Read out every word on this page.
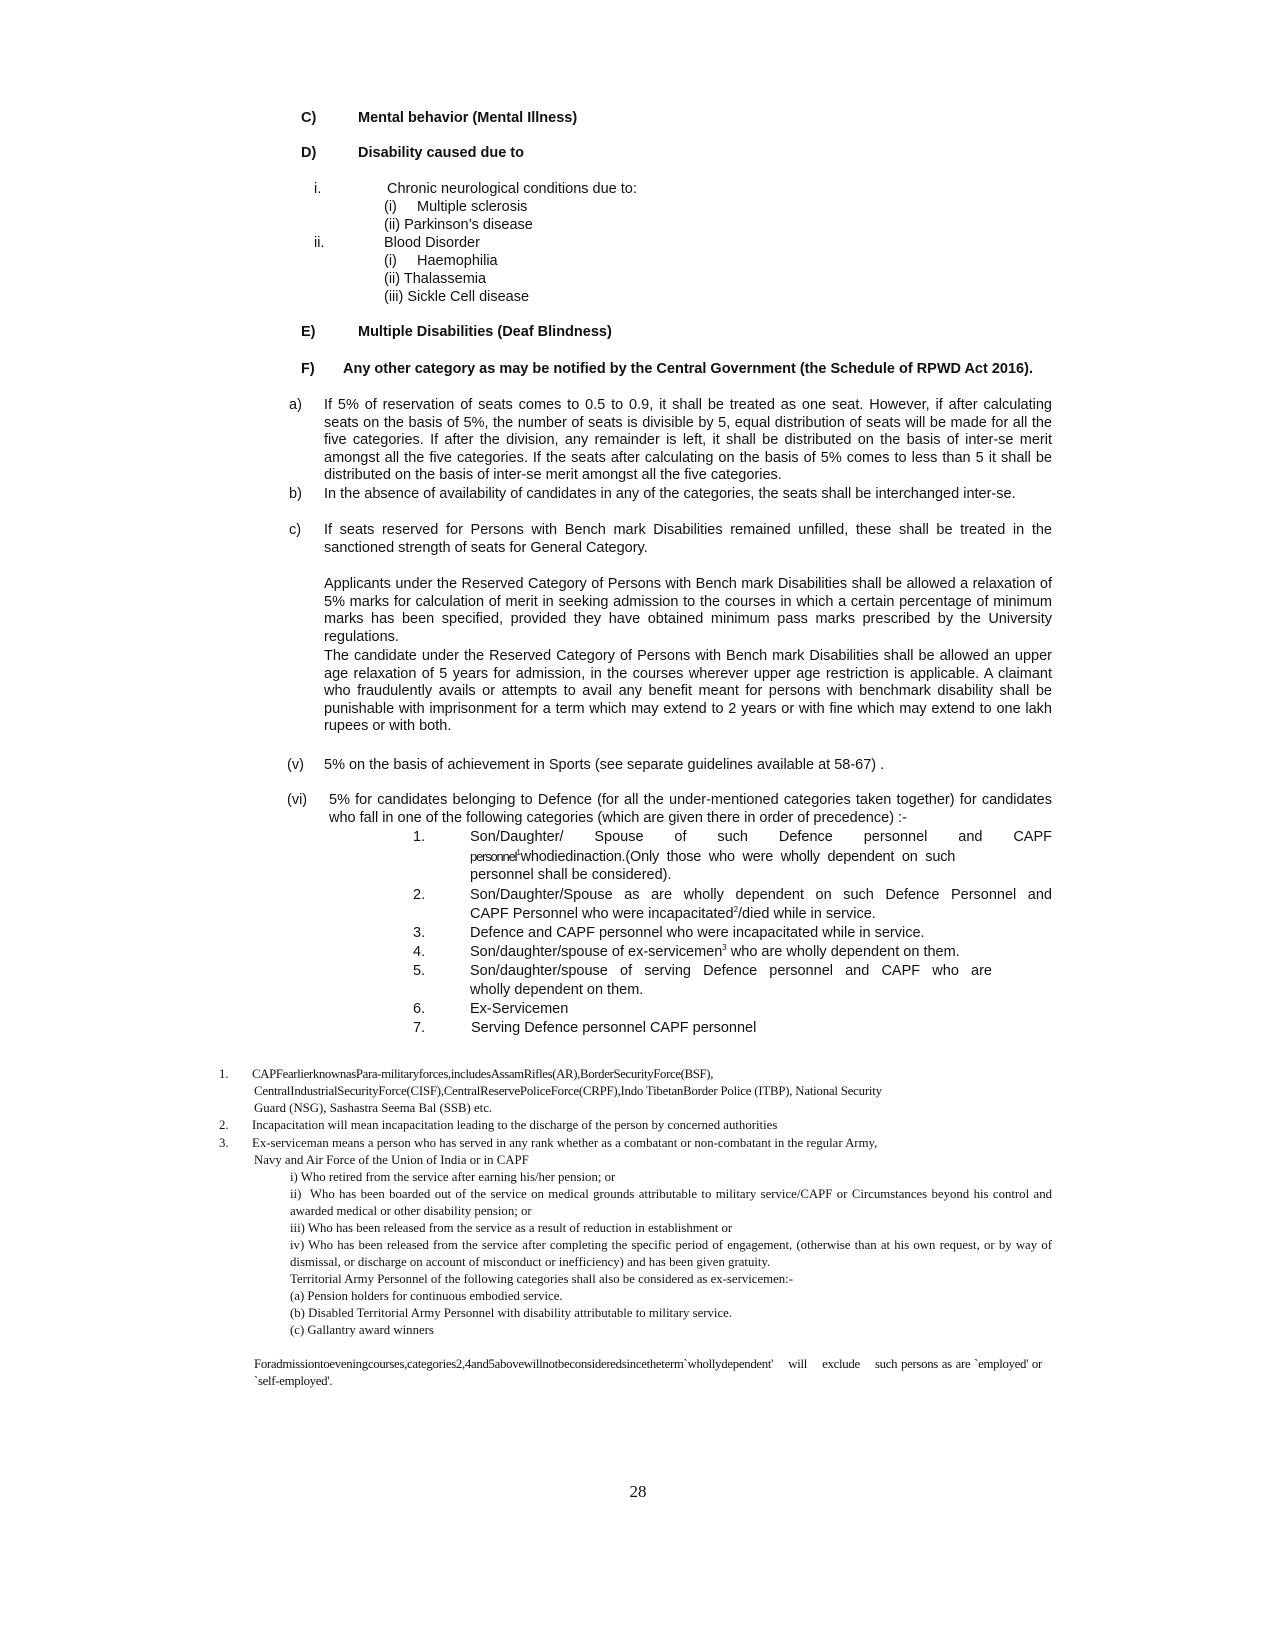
C)	Mental behavior (Mental Illness)
D)	Disability caused due to
i.	Chronic neurological conditions due to:
(i)     Multiple sclerosis
(ii) Parkinson’s disease
ii.	Blood Disorder
(i)     Haemophilia
(ii) Thalassemia
(iii) Sickle Cell disease
E)	Multiple Disabilities (Deaf Blindness)
F) Any other category as may be notified by the Central Government (the Schedule of RPWD Act 2016).
a) If 5% of reservation of seats comes to 0.5 to 0.9, it shall be treated as one seat. However, if after calculating seats on the basis of 5%, the number of seats is divisible by 5, equal distribution of seats will be made for all the five categories. If after the division, any remainder is left, it shall be distributed on the basis of inter-se merit amongst all the five categories. If the seats after calculating on the basis of 5% comes to less than 5 it shall be distributed on the basis of inter-se merit amongst all the five categories.
b) In the absence of availability of candidates in any of the categories, the seats shall be interchanged inter-se.
c) If seats reserved for Persons with Bench mark Disabilities remained unfilled, these shall be treated in the sanctioned strength of seats for General Category.
Applicants under the Reserved Category of Persons with Bench mark Disabilities shall be allowed a relaxation of 5% marks for calculation of merit in seeking admission to the courses in which a certain percentage of minimum marks has been specified, provided they have obtained minimum pass marks prescribed by the University regulations.
The candidate under the Reserved Category of Persons with Bench mark Disabilities shall be allowed an upper age relaxation of 5 years for admission, in the courses wherever upper age restriction is applicable. A claimant who fraudulently avails or attempts to avail any benefit meant for persons with benchmark disability shall be punishable with imprisonment for a term which may extend to 2 years or with fine which may extend to one lakh rupees or with both.
(v) 5% on the basis of achievement in Sports (see separate guidelines available at 58-67) .
(vi) 5% for candidates belonging to Defence (for all the under-mentioned categories taken together) for candidates who fall in one of the following categories (which are given there in order of precedence) :-
1.	Son/Daughter/    Spouse    of    such    Defence    personnel    and    CAPF
personnel$^1$whodiedinaction.(Only  those  who  were  wholly  dependent  on  such
personnel shall be considered).
2.	Son/Daughter/Spouse as are wholly dependent on such Defence Personnel and
CAPF Personnel who were incapacitated$^2$/died while in service.
3.	Defence and CAPF personnel who were incapacitated while in service.
4.	Son/daughter/spouse of ex-servicemen$^3$ who are wholly dependent on them.
5.	Son/daughter/spouse of serving Defence personnel and CAPF who are
wholly dependent on them.
6.	Ex-Servicemen
7.	Serving Defence personnel CAPF personnel
1. CAPFearlierknownasPara-militaryforces,includesAssamRifles(AR),BorderSecurityForce(BSF),
CentralIndustrialSecurityForce(CISF),CentralReservePoliceForce(CRPF),Indo TibetanBorder Police (ITBP), National Security
Guard (NSG), Sashastra Seema Bal (SSB) etc.
2. Incapacitation will mean incapacitation leading to the discharge of the person by concerned authorities
3. Ex-serviceman means a person who has served in any rank whether as a combatant or non-combatant in the regular Army,
Navy and Air Force of the Union of India or in CAPF
i) Who retired from the service after earning his/her pension; or
ii)  Who has been boarded out of the service on medical grounds attributable to military service/CAPF or Circumstances beyond his control and awarded medical or other disability pension; or
iii) Who has been released from the service as a result of reduction in establishment or
iv) Who has been released from the service after completing the specific period of engagement, (otherwise than at his own request, or by way of dismissal, or discharge on account of misconduct or inefficiency) and has been given gratuity.
Territorial Army Personnel of the following categories shall also be considered as ex-servicemen:-
(a) Pension holders for continuous embodied service.
(b) Disabled Territorial Army Personnel with disability attributable to military service.
(c) Gallantry award winners
Foradmissiontoeveningcourses,categories2,4and5abovewillnotbeconsideredsincetheterm`whollydependent'    will    exclude    such persons as are `employed' or `self-employed'.
28
